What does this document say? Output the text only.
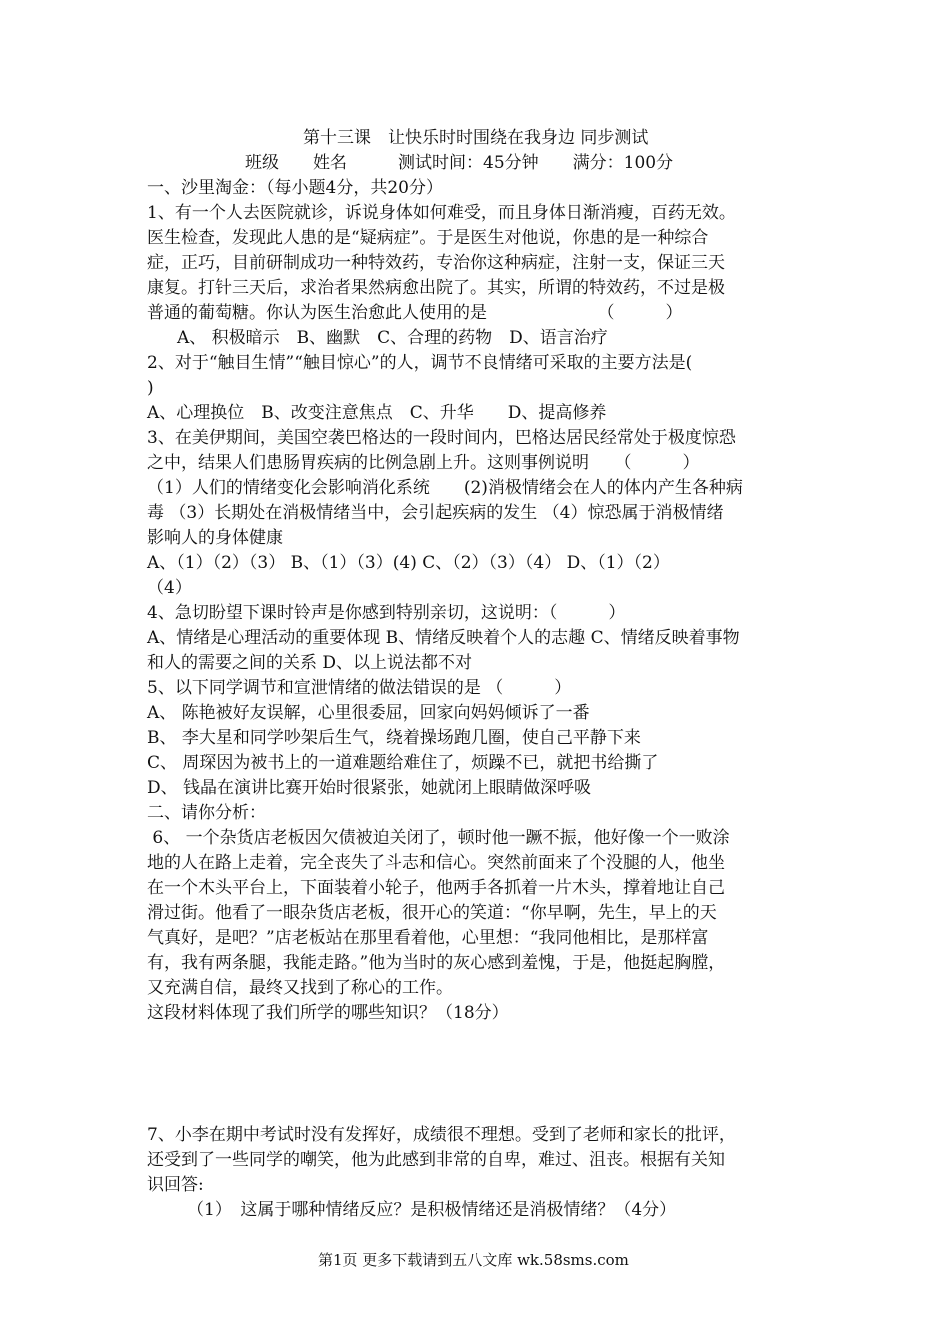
第十三课　让快乐时时围绕在我身边 同步测试
班级　　姓名　　　测试时间：45分钟　　满分：100分
一、沙里淘金：（每小题4分，共20分）
1、有一个人去医院就诊，诉说身体如何难受，而且身体日渐消瘦，百药无效。
医生检查，发现此人患的是“疑病症”。于是医生对他说，你患的是一种综合
症，正巧，目前研制成功一种特效药，专治你这种病症，注射一支，保证三天
康复。打针三天后，求治者果然病愈出院了。其实，所谓的特效药，不过是极
普通的葡萄糖。你认为医生治愈此人使用的是　　　　　　　（　　　）
A、 积极暗示　B、幽默　C、合理的药物　D、语言治疗
2、对于“触目生情”“触目惊心”的人，调节不良情绪可采取的主要方法是(
)
A、心理换位　B、改变注意焦点　C、升华　　D、提高修养
3、在美伊期间，美国空袭巴格达的一段时间内，巴格达居民经常处于极度惊恐
之中，结果人们患肠胃疾病的比例急剧上升。这则事例说明　　（　　　）
（1）人们的情绪变化会影响消化系统　　(2)消极情绪会在人的体内产生各种病
毒 （3）长期处在消极情绪当中，会引起疾病的发生 （4）惊恐属于消极情绪
影响人的身体健康
A、（1）（2）（3） B、（1）（3）(4) C、（2）（3）（4） D、（1）（2）
（4）
4、急切盼望下课时铃声是你感到特别亲切，这说明：（　　　）
A、情绪是心理活动的重要体现 B、情绪反映着个人的志趣 C、情绪反映着事物
和人的需要之间的关系 D、以上说法都不对
5、以下同学调节和宣泄情绪的做法错误的是 （　　　）
A、 陈艳被好友误解，心里很委屈，回家向妈妈倾诉了一番
B、 李大星和同学吵架后生气，绕着操场跑几圈，使自己平静下来
C、 周琛因为被书上的一道难题给难住了，烦躁不已，就把书给撕了
D、 钱晶在演讲比赛开始时很紧张，她就闭上眼睛做深呼吸
二、请你分析：
6、 一个杂货店老板因欠债被迫关闭了，顿时他一蹶不振，他好像一个一败涂
地的人在路上走着，完全丧失了斗志和信心。突然前面来了个没腿的人，他坐
在一个木头平台上，下面装着小轮子，他两手各抓着一片木头，撑着地让自己
滑过街。他看了一眼杂货店老板，很开心的笑道：“你早啊，先生，早上的天
气真好，是吧？”店老板站在那里看着他，心里想：“我同他相比，是那样富
有，我有两条腿，我能走路。”他为当时的灰心感到羞愧，于是，他挺起胸膛，
又充满自信，最终又找到了称心的工作。
这段材料体现了我们所学的哪些知识？（18分）
7、小李在期中考试时没有发挥好，成绩很不理想。受到了老师和家长的批评，
还受到了一些同学的嘲笑，他为此感到非常的自卑，难过、沮丧。根据有关知
识回答:
（1）　这属于哪种情绪反应？是积极情绪还是消极情绪？（4分）
第1页 更多下载请到五八文库 wk.58sms.com
